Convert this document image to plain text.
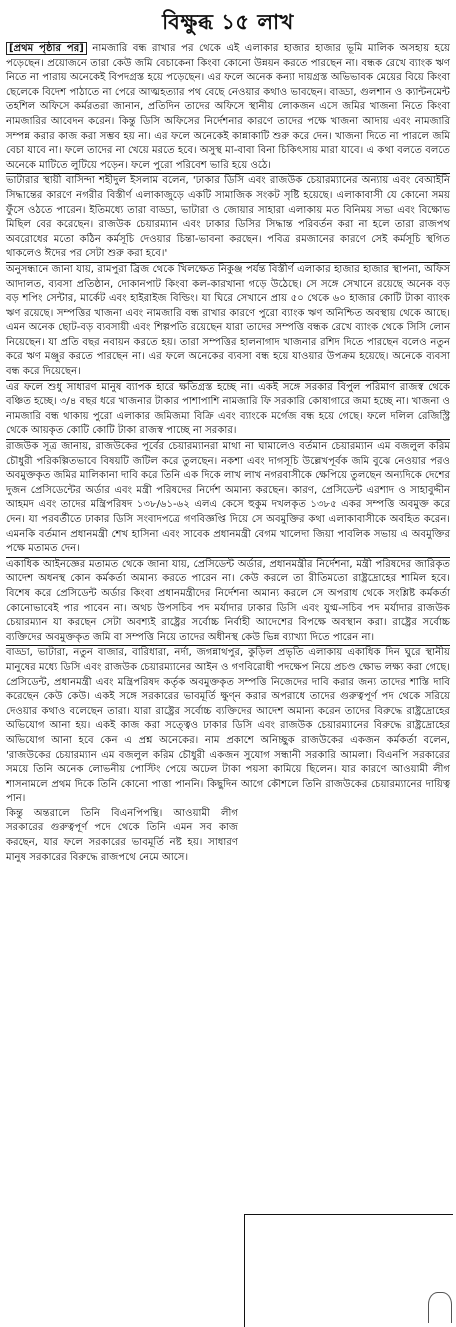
বিক্ষুব্ধ ১৫ লাখ

[প্রথম পৃষ্ঠার পর] নামজারি বন্ধ রাখার পর থেকে এই এলাকার হাজার হাজার ভূমি মালিক অসহায় হয়ে পড়েছেন। প্রয়োজনে তারা কেউ জমি বেচাকেনা কিংবা কোনো উন্নয়ন করতে পারছেন না। বন্ধক রেখে ব্যাংক ঋণ নিতে না পারায় অনেকেই বিপদগ্রস্ত হয়ে পড়েছেন। এর ফলে অনেক কন্যা দায়গ্রস্ত অভিভাবক মেয়ের বিয়ে কিংবা ছেলেকে বিদেশ পাঠাতে না পেরে আত্মহত্যার পথ বেছে নেওয়ার কথাও ভাবছেন। বাড্ডা, গুলশান ও ক্যান্টনমেন্ট তহশিল অফিসে কর্মরতরা জানান, প্রতিদিন তাদের অফিসে স্থানীয় লোকজন এসে জমির খাজনা নিতে কিংবা নামজারির আবেদন করেন। কিন্তু ডিসি অফিসের নির্দেশনার কারণে তাদের পক্ষে খাজনা আদায় এবং নামজারি সম্পন্ন করার কাজ করা সম্ভব হয় না। এর ফলে অনেকেই কান্নাকাটি শুরু করে দেন। খাজনা দিতে না পারলে জমি বেচা যাবে না। ফলে তাদের না খেয়ে মরতে হবে। অসুস্থ মা-বাবা বিনা চিকিৎসায় মারা যাবে। এ কথা বলতে বলতে অনেকে মাটিতে লুটিয়ে পড়েন। ফলে পুরো পরিবেশ ভারি হয়ে ওঠে।

ভাটারার স্থায়ী বাসিন্দা শহীদুল ইসলাম বলেন, 'ঢাকার ডিসি এবং রাজউক চেয়ারম্যানের অন্যায় এবং বেআইনি সিদ্ধান্তের কারণে নগরীর বিস্তীর্ণ এলাকাজুড়ে একটি সামাজিক সংকট সৃষ্টি হয়েছে। এলাকাবাসী যে কোনো সময় ফুঁসে ওঠতে পারেন। ইতিমধ্যে তারা বাড্ডা, ভাটারা ও জোয়ার সাহারা এলাকায় মত বিনিময় সভা এবং বিক্ষোভ মিছিল বের করেছেন। রাজউক চেয়ারম্যান এবং ঢাকার ডিসির সিদ্ধান্ত পরিবর্তন করা না হলে তারা রাজপথ অবরোধের মতো কঠিন কর্মসূচি দেওয়ার চিন্তা-ভাবনা করছেন। পবিত্র রমজানের কারণে সেই কর্মসূচি স্থগিত থাকলেও ঈদের পর সেটা শুরু করা হবে।'

অনুসন্ধানে জানা যায়, রামপুরা ব্রিজ থেকে খিলক্ষেত নিকুঞ্জ পর্যন্ত বিস্তীর্ণ এলাকার হাজার হাজার স্থাপনা, অফিস আদালত, ব্যবসা প্রতিষ্ঠান, দোকানপাট কিংবা কল-কারখানা গড়ে উঠেছে। সে সঙ্গে সেখানে রয়েছে অনেক বড় বড় শপিং সেন্টার, মার্কেট এবং হাইরাইজ বিল্ডিং। যা ঘিরে সেখানে প্রায় ৫০ থেকে ৬০ হাজার কোটি টাকা ব্যাংক ঋণ রয়েছে। সম্পত্তির খাজনা এবং নামজারি বন্ধ রাখার কারণে পুরো ব্যাংক ঋণ অনিশ্চিত অবস্থায় থেকে আছে। এমন অনেক ছোট-বড় ব্যবসায়ী এবং শিল্পপতি রয়েছেন যারা তাদের সম্পত্তি বন্ধক রেখে ব্যাংক থেকে সিসি লোন নিয়েছেন। যা প্রতি বছর নবায়ন করতে হয়। তারা সম্পত্তির হালনাগাদ খাজনার রশিদ দিতে পারছেন বলেও নতুন করে ঋণ মঞ্জুর করতে পারছেন না। এর ফলে অনেকের ব্যবসা বন্ধ হয়ে যাওয়ার উপক্রম হয়েছে। অনেকে ব্যবসা বন্ধ করে দিয়েছেন।

এর ফলে শুধু সাধারণ মানুষ ব্যাপক হারে ক্ষতিগ্রস্ত হচ্ছে না। একই সঙ্গে সরকার বিপুল পরিমাণ রাজস্ব থেকে বঞ্চিত হচ্ছে। ৩/৪ বছর ধরে খাজনার টাকার পাশাপাশি নামজারি ফি সরকারি কোষাগারে জমা হচ্ছে না। খাজনা ও নামজারি বন্ধ থাকায় পুরো এলাকার জমিজমা বিক্রি এবং ব্যাংকে মর্গেজ বন্ধ হয়ে গেছে। ফলে দলিল রেজিস্ট্রি থেকে আয়কৃত কোটি কোটি টাকা রাজস্ব পাচ্ছে না সরকার।

রাজউক সূত্র জানায়, রাজউকের পূর্বের চেয়ারম্যানরা মাথা না ঘামালেও বর্তমান চেয়ারম্যান এম বজলুল করিম চৌধুরী পরিকল্পিতভাবে বিষয়টি জটিল করে তুলছেন। নকশা এবং দাগসূচি উল্লেখপূর্বক জমি বুঝে নেওয়ার পরও অবমুক্তকৃত জমির মালিকানা দাবি করে তিনি এক দিকে লাখ লাখ নগরবাসীকে ক্ষেপিয়ে তুলছেন অন্যদিকে দেশের দুজন প্রেসিডেন্টের অর্ডার এবং মন্ত্রী পরিষদের নির্দেশ অমান্য করছেন। কারণ, প্রেসিডেন্ট এরশাদ ও সাহাবুদ্দীন আহমদ এবং তাদের মন্ত্রিপরিষদ ১৩৮/৬১-৬২ এলএ কেসে হুকুম দখলকৃত ১৩৮৫ একর সম্পত্তি অবমুক্ত করে দেন। যা পরবর্তীতে ঢাকার ডিসি সংবাদপত্রে গণবিজ্ঞপ্তি দিয়ে সে অবমুক্তির কথা এলাকাবাসীকে অবহিত করেন। এমনকি বর্তমান প্রধানমন্ত্রী শেখ হাসিনা এবং সাবেক প্রধানমন্ত্রী বেগম খালেদা জিয়া পাবলিক সভায় এ অবমুক্তির পক্ষে মতামত দেন।

একাধিক আইনজ্ঞের মতামত থেকে জানা যায়, প্রেসিডেন্ট অর্ডার, প্রধানমন্ত্রীর নির্দেশনা, মন্ত্রী পরিষদের জারিকৃত আদেশ অধনস্থ কোন কর্মকর্তা অমান্য করতে পারেন না। কেউ করলে তা রীতিমতো রাষ্ট্রদ্রোহের শামিল হবে। বিশেষ করে প্রেসিডেন্ট অর্ডার কিংবা প্রধানমন্ত্রীদের নির্দেশনা অমান্য করলে সে অপরাধ থেকে সংশ্লিষ্ট কর্মকর্তা কোনোভাবেই পার পাবেন না। অথচ উপসচিব পদ মর্যাদার ঢাকার ডিসি এবং যুগ্ম-সচিব পদ মর্যাদার রাজউক চেয়ারম্যান যা করছেন সেটা অবশ্যই রাষ্ট্রের সর্বোচ্চ নির্বাহী আদেশের বিপক্ষে অবস্থান করা। রাষ্ট্রের সর্বোচ্চ ব্যক্তিদের অবমুক্তকৃত জমি বা সম্পত্তি নিয়ে তাদের অধীনস্থ কেউ ভিন্ন ব্যাখ্যা দিতে পারেন না।

বাড্ডা, ভাটারা, নতুন বাজার, বারিধারা, নর্দা, জগন্নাথপুর, কুড়িল প্রভৃতি এলাকায় একাধিক দিন ঘুরে স্থানীয় মানুষের মধ্যে ডিসি এবং রাজউক চেয়ারম্যানের আইন ও গণবিরোধী পদক্ষেপ নিয়ে প্রচণ্ড ক্ষোভ লক্ষ্য করা গেছে। প্রেসিডেন্ট, প্রধানমন্ত্রী এবং মন্ত্রিপরিষদ কর্তৃক অবমুক্তকৃত সম্পত্তি নিজেদের দাবি করার জন্য তাদের শাস্তি দাবি করেছেন কেউ কেউ। একই সঙ্গে সরকারের ভাবমূর্তি ক্ষুণ্ন করার অপরাধে তাদের গুরুত্বপূর্ণ পদ থেকে সরিয়ে দেওয়ার কথাও বলেছেন তারা। যারা রাষ্ট্রের সর্বোচ্চ ব্যক্তিদের আদেশ অমান্য করেন তাদের বিরুদ্ধে রাষ্ট্রদ্রোহের অভিযোগ আনা হয়। একই কাজ করা সত্ত্বেও ঢাকার ডিসি এবং রাজউক চেয়ারম্যানের বিরুদ্ধে রাষ্ট্রদ্রোহের অভিযোগ আনা হবে কেন এ প্রশ্ন অনেকের। নাম প্রকাশে অনিচ্ছুক রাজউকের একজন কর্মকর্তা বলেন, 'রাজউকের চেয়ারম্যান এম বজলুল করিম চৌধুরী একজন সুযোগ সন্ধানী সরকারি আমলা। বিএনপি সরকারের সময়ে তিনি অনেক লোভনীয় পোস্টিং পেয়ে অঢেল টাকা পয়সা কামিয়ে ছিলেন। যার কারণে আওয়ামী লীগ শাসনামলে প্রথম দিকে তিনি কোনো পাত্তা পাননি। কিছুদিন আগে কৌশলে তিনি রাজউকের চেয়ারম্যানের দায়িত্ব পান।

কিন্তু অন্তরালে তিনি বিএনপিপন্থি। আওয়ামী লীগ সরকারের গুরুত্বপূর্ণ পদে থেকে তিনি এমন সব কাজ করছেন, যার ফলে সরকারের ভাবমূর্তি নষ্ট হয়। সাধারণ মানুষ সরকারের বিরুদ্ধে রাজপথে নেমে আসে।
